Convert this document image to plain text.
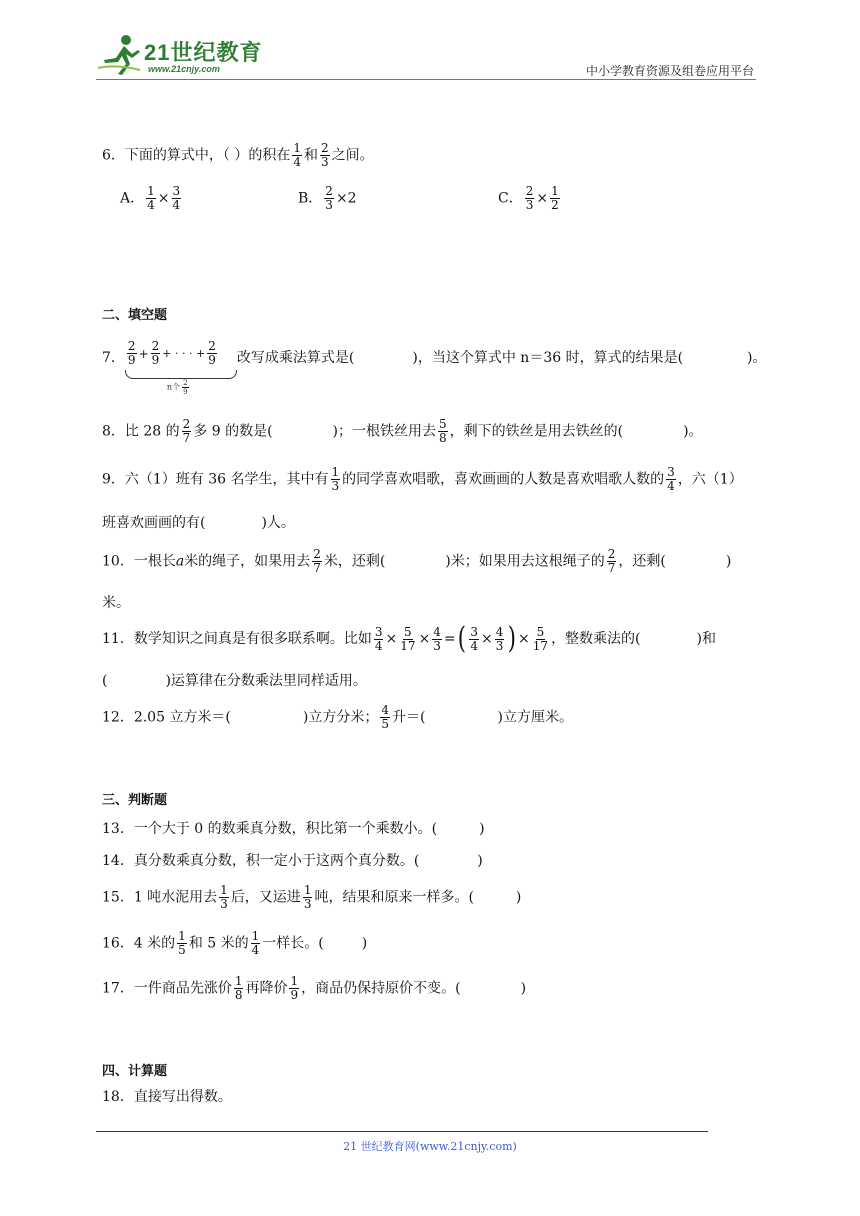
21世纪教育
www.21cnjy.com	中小学教育资源及组卷应用平台
6．下面的算式中，（ ）的积在 $\frac{1}{4}$ 和 $\frac{2}{3}$ 之间。
A． $\frac{1}{4} \times \frac{3}{4}$	B． $\frac{2}{3} \times 2$	C． $\frac{2}{3} \times \frac{1}{2}$
二、填空题
7． $\frac{2}{9} + \frac{2}{9}$ + · · · + $\frac{2}{9}$
n个 $\frac{2}{9}$
改写成乘法算式是(	)，当这个算式中 n＝36 时，算式的结果是(	)。
8．比 28 的 $\frac{2}{7}$ 多 9 的数是(	)；一根铁丝用去 $\frac{5}{8}$ ，剩下的铁丝是用去铁丝的(	)。
9．六（1）班有 36 名学生，其中有 $\frac{1}{3}$ 的同学喜欢唱歌，喜欢画画的人数是喜欢唱歌人数的 $\frac{3}{4}$ ，六（1）
班喜欢画画的有(	)人。
10．一根长a米的绳子，如果用去 $\frac{2}{7}$ 米，还剩(	)米；如果用去这根绳子的 $\frac{2}{7}$ ，还剩(	)
米。
11．数学知识之间真是有很多联系啊。比如 $\frac{3}{4} \times \frac{5}{17} \times \frac{4}{3}$ =( $\frac{3}{4} \times \frac{4}{3}$ ) × $\frac{5}{17}$ ，整数乘法的(	)和
(	)运算律在分数乘法里同样适用。
12．2.05 立方米＝(	)立方分米； $\frac{4}{5}$ 升＝(	)立方厘米。
三、判断题
13．一个大于 0 的数乘真分数，积比第一个乘数小。(	)
14．真分数乘真分数，积一定小于这两个真分数。(	)
15．1 吨水泥用去 $\frac{1}{3}$ 后，又运进 $\frac{1}{3}$ 吨，结果和原来一样多。(	)
16．4 米的 $\frac{1}{5}$ 和 5 米的 $\frac{1}{4}$ 一样长。(	)
17．一件商品先涨价 $\frac{1}{8}$ 再降价 $\frac{1}{9}$ ，商品仍保持原价不变。(	)
四、计算题
18．直接写出得数。
21 世纪教育网(www.21cnjy.com)
